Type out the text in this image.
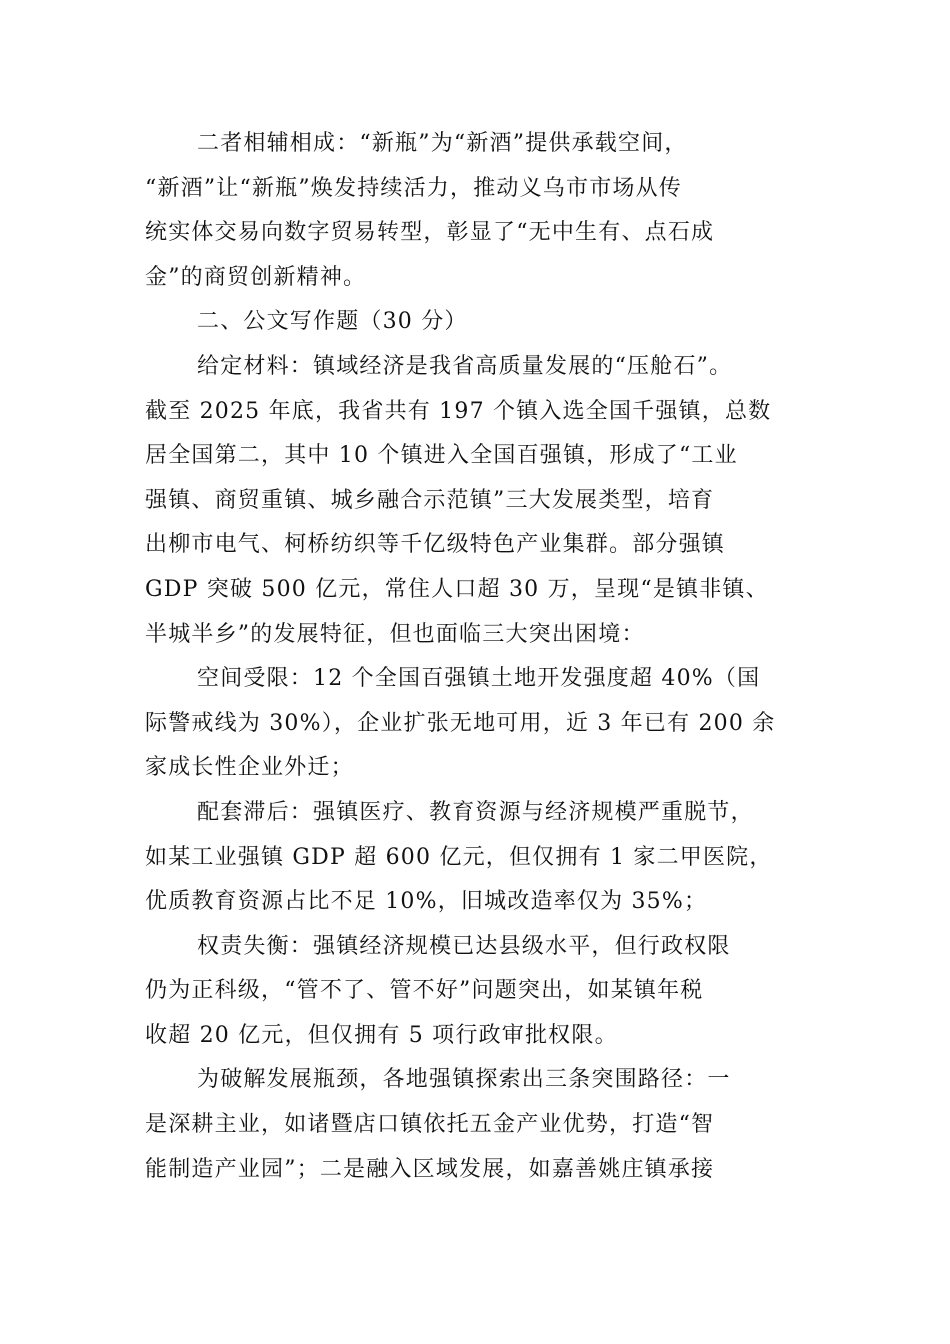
二者相辅相成：“新瓶”为“新酒”提供承载空间，
“新酒”让“新瓶”焕发持续活力，推动义乌市市场从传
统实体交易向数字贸易转型，彰显了“无中生有、点石成
金”的商贸创新精神。
二、公文写作题（30 分）
给定材料：镇域经济是我省高质量发展的“压舱石”。
截至 2025 年底，我省共有 197 个镇入选全国千强镇，总数
居全国第二，其中 10 个镇进入全国百强镇，形成了“工业
强镇、商贸重镇、城乡融合示范镇”三大发展类型，培育
出柳市电气、柯桥纺织等千亿级特色产业集群。部分强镇
GDP 突破 500 亿元，常住人口超 30 万，呈现“是镇非镇、
半城半乡”的发展特征，但也面临三大突出困境：
空间受限：12 个全国百强镇土地开发强度超 40%（国
际警戒线为 30%），企业扩张无地可用，近 3 年已有 200 余
家成长性企业外迁；
配套滞后：强镇医疗、教育资源与经济规模严重脱节，
如某工业强镇 GDP 超 600 亿元，但仅拥有 1 家二甲医院，
优质教育资源占比不足 10%，旧城改造率仅为 35%；
权责失衡：强镇经济规模已达县级水平，但行政权限
仍为正科级，“管不了、管不好”问题突出，如某镇年税
收超 20 亿元，但仅拥有 5 项行政审批权限。
为破解发展瓶颈，各地强镇探索出三条突围路径：一
是深耕主业，如诸暨店口镇依托五金产业优势，打造“智
能制造产业园”；二是融入区域发展，如嘉善姚庄镇承接
